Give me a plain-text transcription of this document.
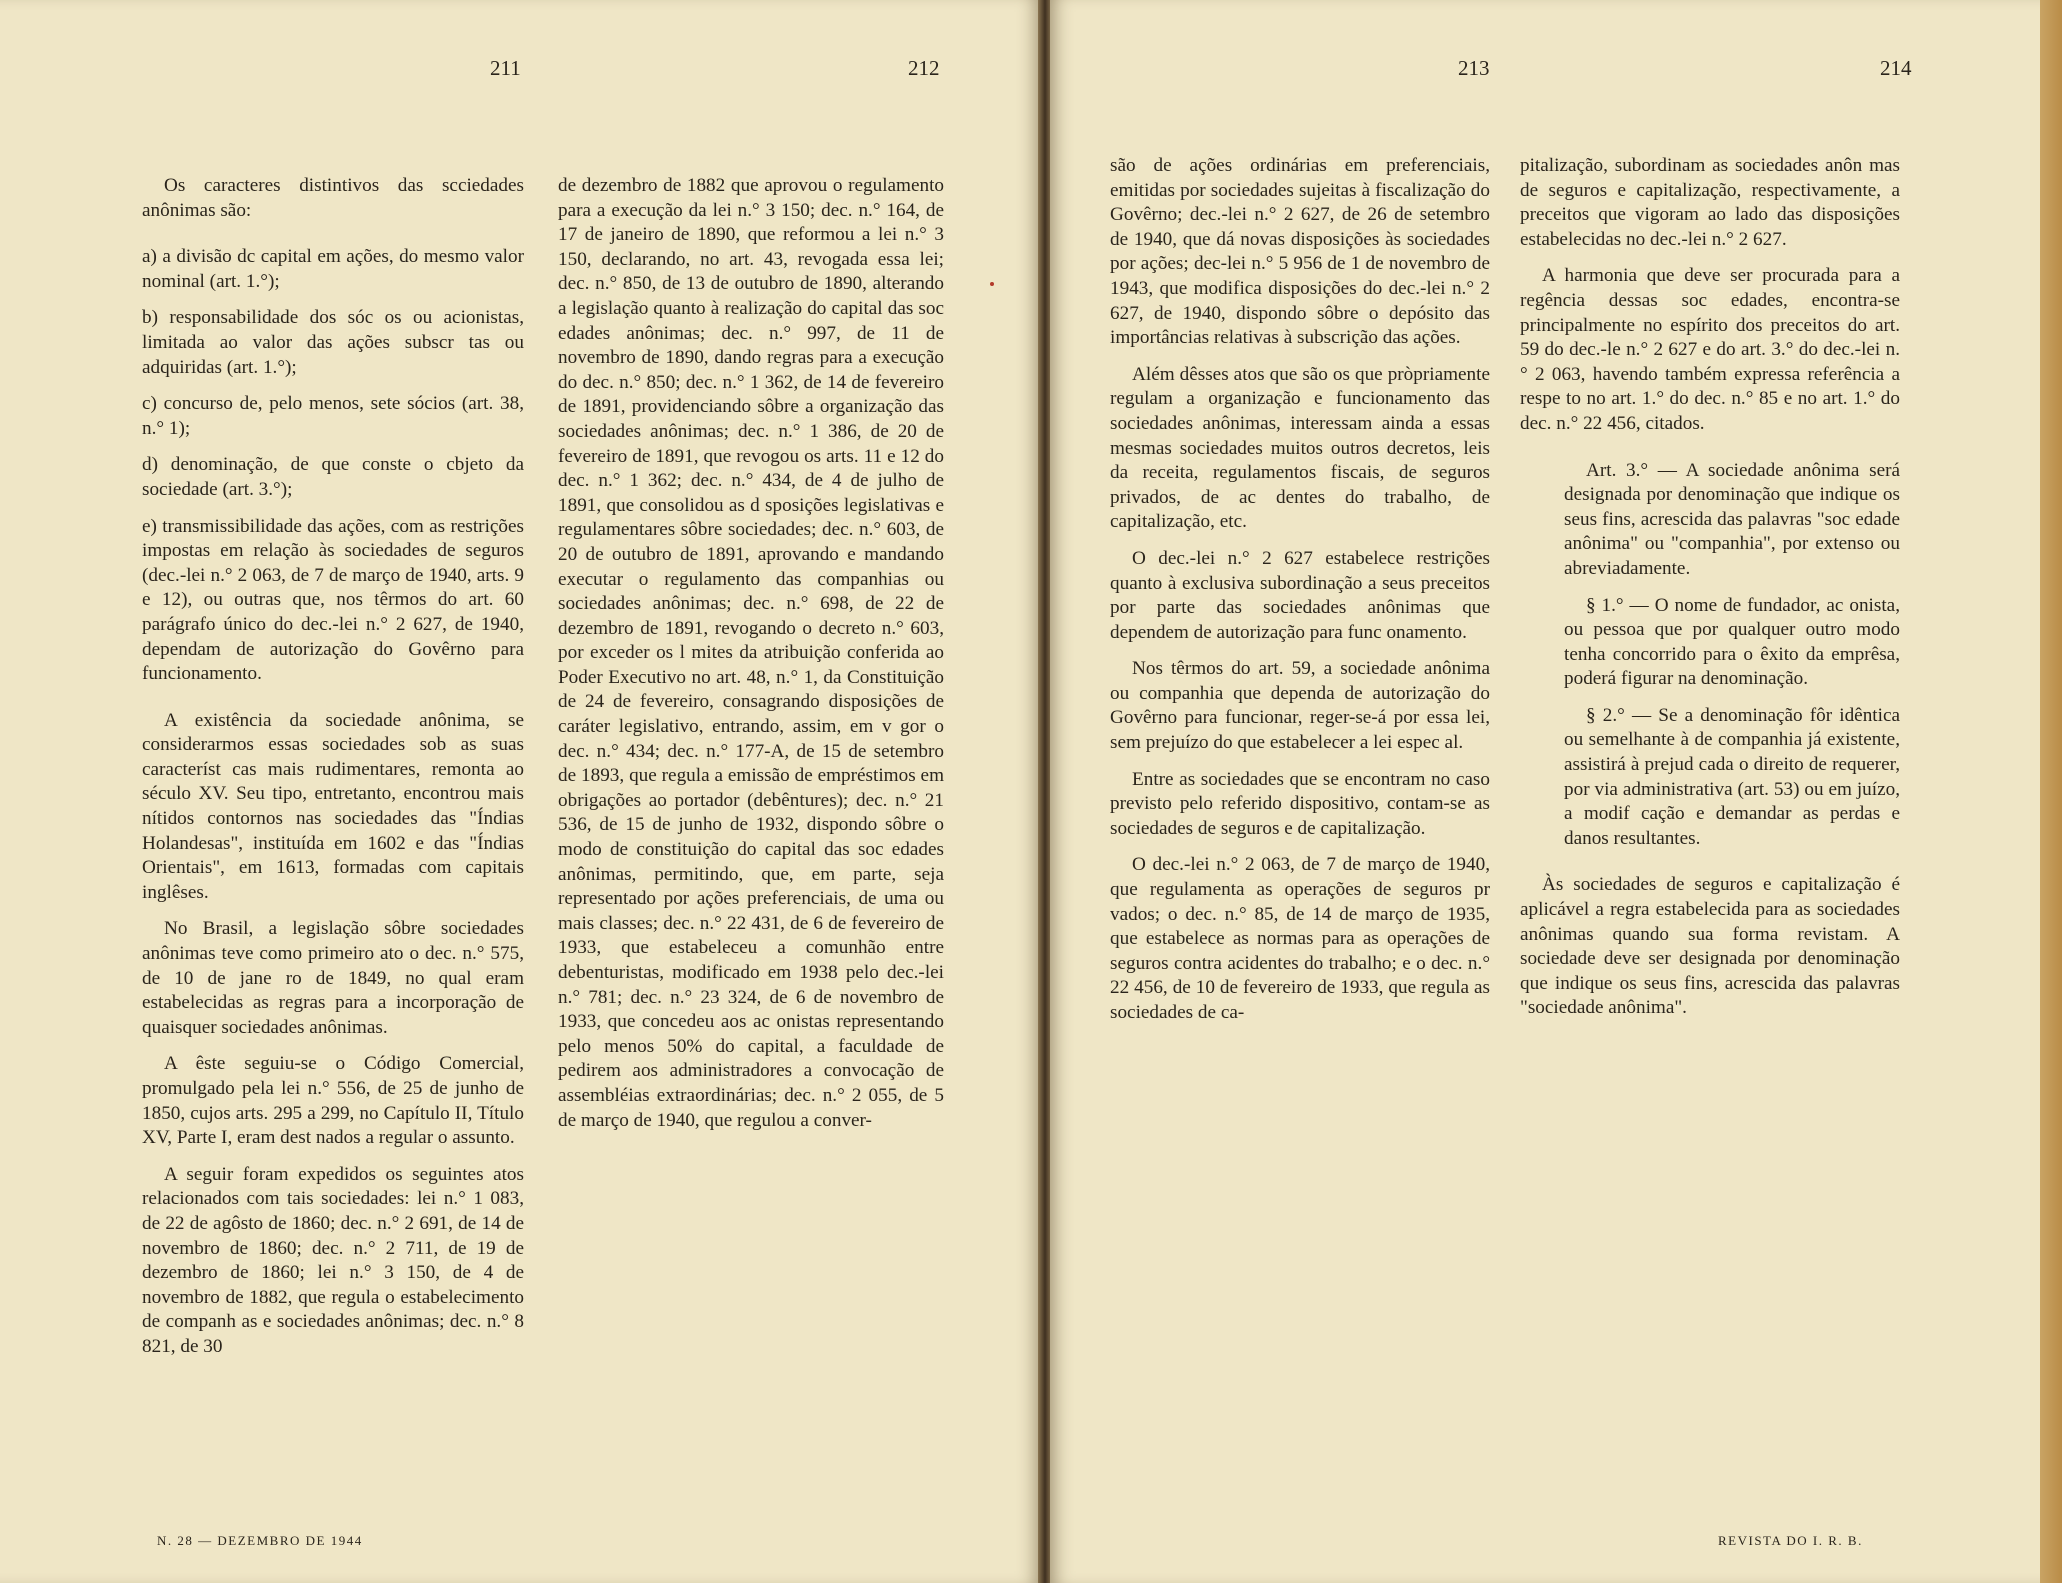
211	212

Os caracteres distintivos das scciedades anônimas são:

a) a divisão dc capital em ações, do mesmo valor nominal (art. 1.°);

b) responsabilidade dos sóc os ou acionistas, limitada ao valor das ações subscr tas ou adquiridas (art. 1.°);

c) concurso de, pelo menos, sete sócios (art. 38, n.° 1);

d) denominação, de que conste o cbjeto da sociedade (art. 3.°);

e) transmissibilidade das ações, com as restrições impostas em relação às sociedades de seguros (dec.-lei n.° 2 063, de 7 de março de 1940, arts. 9 e 12), ou outras que, nos têrmos do art. 60 parágrafo único do dec.-lei n.° 2 627, de 1940, dependam de autorização do Govêrno para funcionamento.

A existência da sociedade anônima, se considerarmos essas sociedades sob as suas característ cas mais rudimentares, remonta ao século XV. Seu tipo, entretanto, encontrou mais nítidos contornos nas sociedades das "Índias Holandesas", instituída em 1602 e das "Índias Orientais", em 1613, formadas com capitais inglêses.

No Brasil, a legislação sôbre sociedades anônimas teve como primeiro ato o dec. n.° 575, de 10 de jane ro de 1849, no qual eram estabelecidas as regras para a incorporação de quaisquer sociedades anônimas.

A êste seguiu-se o Código Comercial, promulgado pela lei n.° 556, de 25 de junho de 1850, cujos arts. 295 a 299, no Capítulo II, Título XV, Parte I, eram dest nados a regular o assunto.

A seguir foram expedidos os seguintes atos relacionados com tais sociedades: lei n.° 1 083, de 22 de agôsto de 1860; dec. n.° 2 691, de 14 de novembro de 1860; dec. n.° 2 711, de 19 de dezembro de 1860; lei n.° 3 150, de 4 de novembro de 1882, que regula o estabelecimento de companh as e sociedades anônimas; dec. n.° 8 821, de 30

de dezembro de 1882 que aprovou o regulamento para a execução da lei n.° 3 150; dec. n.° 164, de 17 de janeiro de 1890, que reformou a lei n.° 3 150, declarando, no art. 43, revogada essa lei; dec. n.° 850, de 13 de outubro de 1890, alterando a legislação quanto à realização do capital das soc edades anônimas; dec. n.° 997, de 11 de novembro de 1890, dando regras para a execução do dec. n.° 850; dec. n.° 1 362, de 14 de fevereiro de 1891, providenciando sôbre a organização das sociedades anônimas; dec. n.° 1 386, de 20 de fevereiro de 1891, que revogou os arts. 11 e 12 do dec. n.° 1 362; dec. n.° 434, de 4 de julho de 1891, que consolidou as d sposições legislativas e regulamentares sôbre sociedades; dec. n.° 603, de 20 de outubro de 1891, aprovando e mandando executar o regulamento das companhias ou sociedades anônimas; dec. n.° 698, de 22 de dezembro de 1891, revogando o decreto n.° 603, por exceder os l mites da atribuição conferida ao Poder Executivo no art. 48, n.° 1, da Constituição de 24 de fevereiro, consagrando disposições de caráter legislativo, entrando, assim, em v gor o dec. n.° 434; dec. n.° 177-A, de 15 de setembro de 1893, que regula a emissão de empréstimos em obrigações ao portador (debêntures); dec. n.° 21 536, de 15 de junho de 1932, dispondo sôbre o modo de constituição do capital das soc edades anônimas, permitindo, que, em parte, seja representado por ações preferenciais, de uma ou mais classes; dec. n.° 22 431, de 6 de fevereiro de 1933, que estabeleceu a comunhão entre debenturistas, modificado em 1938 pelo dec.-lei n.° 781; dec. n.° 23 324, de 6 de novembro de 1933, que concedeu aos ac onistas representando pelo menos 50% do capital, a faculdade de pedirem aos administradores a convocação de assembléias extraordinárias; dec. n.° 2 055, de 5 de março de 1940, que regulou a conver-

N. 28 — DEZEMBRO DE 1944
213	214

são de ações ordinárias em preferenciais, emitidas por sociedades sujeitas à fiscalização do Govêrno; dec.-lei n.° 2 627, de 26 de setembro de 1940, que dá novas disposições às sociedades por ações; dec-lei n.° 5 956 de 1 de novembro de 1943, que modifica disposições do dec.-lei n.° 2 627, de 1940, dispondo sôbre o depósito das importâncias relativas à subscrição das ações.

Além dêsses atos que são os que pròpriamente regulam a organização e funcionamento das sociedades anônimas, interessam ainda a essas mesmas sociedades muitos outros decretos, leis da receita, regulamentos fiscais, de seguros privados, de ac dentes do trabalho, de capitalização, etc.

O dec.-lei n.° 2 627 estabelece restrições quanto à exclusiva subordinação a seus preceitos por parte das sociedades anônimas que dependem de autorização para func onamento.

Nos têrmos do art. 59, a sociedade anônima ou companhia que dependa de autorização do Govêrno para funcionar, reger-se-á por essa lei, sem prejuízo do que estabelecer a lei espec al.

Entre as sociedades que se encontram no caso previsto pelo referido dispositivo, contam-se as sociedades de seguros e de capitalização.

O dec.-lei n.° 2 063, de 7 de março de 1940, que regulamenta as operações de seguros pr vados; o dec. n.° 85, de 14 de março de 1935, que estabelece as normas para as operações de seguros contra acidentes do trabalho; e o dec. n.° 22 456, de 10 de fevereiro de 1933, que regula as sociedades de ca-

pitalização, subordinam as sociedades anôn mas de seguros e capitalização, respectivamente, a preceitos que vigoram ao lado das disposições estabelecidas no dec.-lei n.° 2 627.

A harmonia que deve ser procurada para a regência dessas soc edades, encontra-se principalmente no espírito dos preceitos do art. 59 do dec.-le n.° 2 627 e do art. 3.° do dec.-lei n.° 2 063, havendo também expressa referência a respe to no art. 1.° do dec. n.° 85 e no art. 1.° do dec. n.° 22 456, citados.

Art. 3.° — A sociedade anônima será designada por denominação que indique os seus fins, acrescida das palavras "soc edade anônima" ou "companhia", por extenso ou abreviadamente.

§ 1.° — O nome de fundador, ac onista, ou pessoa que por qualquer outro modo tenha concorrido para o êxito da emprêsa, poderá figurar na denominação.

§ 2.° — Se a denominação fôr idêntica ou semelhante à de companhia já existente, assistirá à prejud cada o direito de requerer, por via administrativa (art. 53) ou em juízo, a modif cação e demandar as perdas e danos resultantes.

Às sociedades de seguros e capitalização é aplicável a regra estabelecida para as sociedades anônimas quando sua forma revistam. A sociedade deve ser designada por denominação que indique os seus fins, acrescida das palavras "sociedade anônima".

REVISTA DO I. R. B.
